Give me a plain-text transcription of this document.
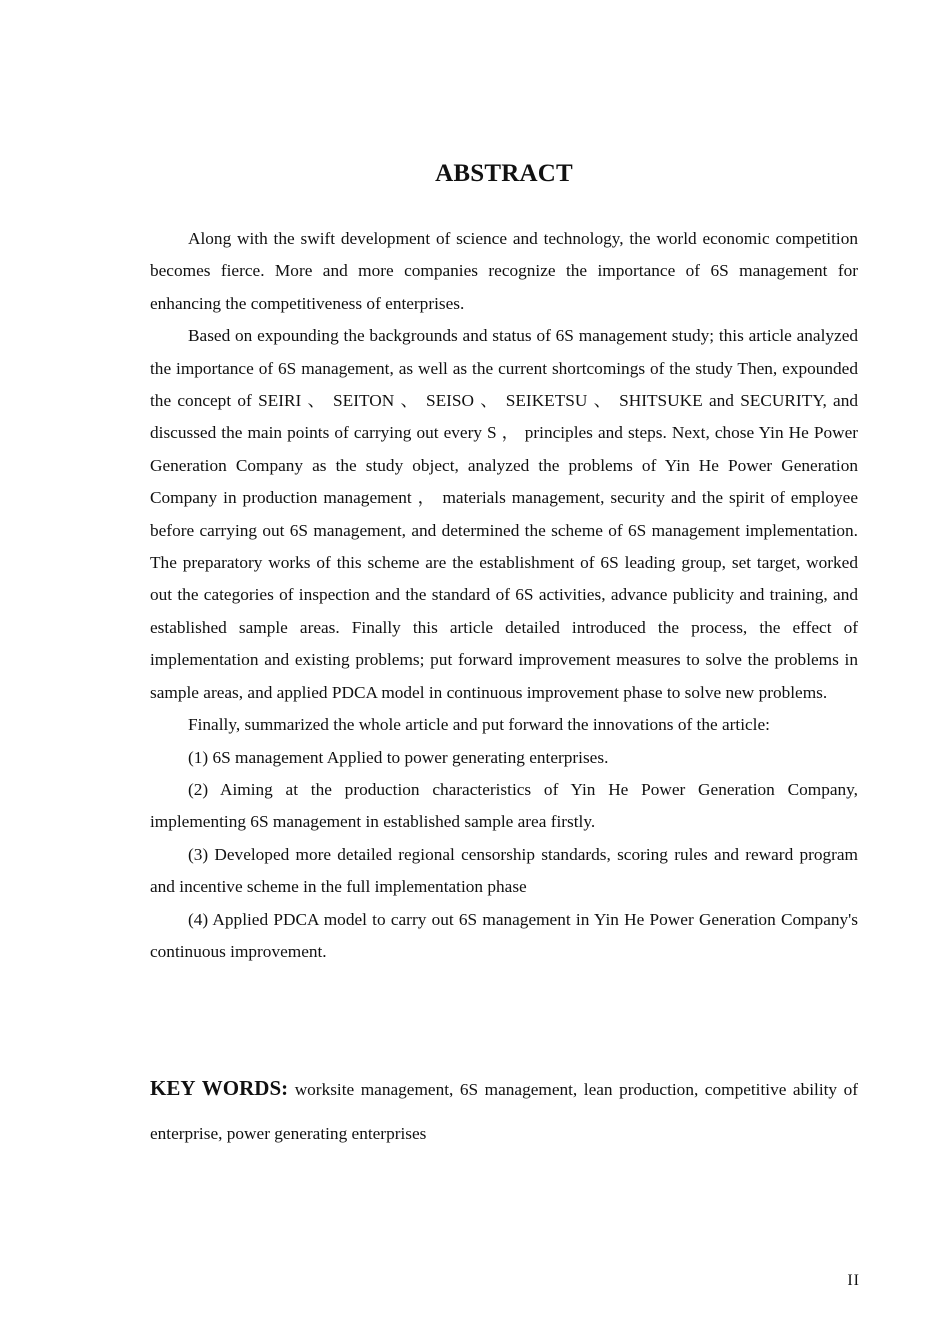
ABSTRACT

Along with the swift development of science and technology, the world economic competition becomes fierce. More and more companies recognize the importance of 6S management for enhancing the competitiveness of enterprises.

Based on expounding the backgrounds and status of 6S management study; this article analyzed the importance of 6S management, as well as the current shortcomings of the study Then, expounded the concept of SEIRI 、 SEITON 、 SEISO 、 SEIKETSU 、 SHITSUKE and SECURITY, and discussed the main points of carrying out every S ， principles and steps. Next, chose Yin He Power Generation Company as the study object, analyzed the problems of Yin He Power Generation Company in production management ， materials management, security and the spirit of employee before carrying out 6S management, and determined the scheme of 6S management implementation. The preparatory works of this scheme are the establishment of 6S leading group, set target, worked out the categories of inspection and the standard of 6S activities, advance publicity and training, and established sample areas. Finally this article detailed introduced the process, the effect of implementation and existing problems; put forward improvement measures to solve the problems in sample areas, and applied PDCA model in continuous improvement phase to solve new problems.

Finally, summarized the whole article and put forward the innovations of the article:

(1) 6S management Applied to power generating enterprises.

(2) Aiming at the production characteristics of Yin He Power Generation Company, implementing 6S management in established sample area firstly.

(3) Developed more detailed regional censorship standards, scoring rules and reward program and incentive scheme in the full implementation phase

(4) Applied PDCA model to carry out 6S management in Yin He Power Generation Company's continuous improvement.

KEY WORDS: worksite management, 6S management, lean production, competitive ability of enterprise, power generating enterprises

II
